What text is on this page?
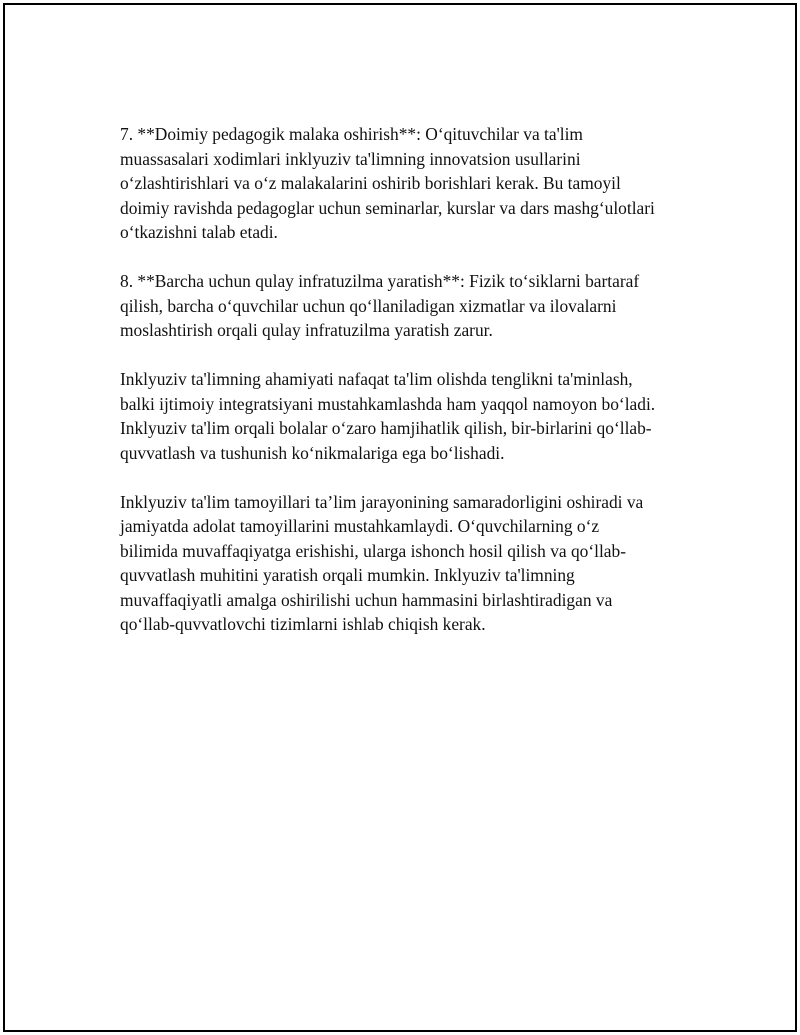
7. **Doimiy pedagogik malaka oshirish**: O‘qituvchilar va ta'lim
muassasalari xodimlari inklyuziv ta'limning innovatsion usullarini
o‘zlashtirishlari va o‘z malakalarini oshirib borishlari kerak. Bu tamoyil
doimiy ravishda pedagoglar uchun seminarlar, kurslar va dars mashg‘ulotlari
o‘tkazishni talab etadi.

8. **Barcha uchun qulay infratuzilma yaratish**: Fizik to‘siklarni bartaraf
qilish, barcha o‘quvchilar uchun qo‘llaniladigan xizmatlar va ilovalarni
moslashtirish orqali qulay infratuzilma yaratish zarur.

Inklyuziv ta'limning ahamiyati nafaqat ta'lim olishda tenglikni ta'minlash,
balki ijtimoiy integratsiyani mustahkamlashda ham yaqqol namoyon bo‘ladi.
Inklyuziv ta'lim orqali bolalar o‘zaro hamjihatlik qilish, bir-birlarini qo‘llab-
quvvatlash va tushunish ko‘nikmalariga ega bo‘lishadi.

Inklyuziv ta'lim tamoyillari ta’lim jarayonining samaradorligini oshiradi va
jamiyatda adolat tamoyillarini mustahkamlaydi. O‘quvchilarning o‘z
bilimida muvaffaqiyatga erishishi, ularga ishonch hosil qilish va qo‘llab-
quvvatlash muhitini yaratish orqali mumkin. Inklyuziv ta'limning
muvaffaqiyatli amalga oshirilishi uchun hammasini birlashtiradigan va
qo‘llab-quvvatlovchi tizimlarni ishlab chiqish kerak.
